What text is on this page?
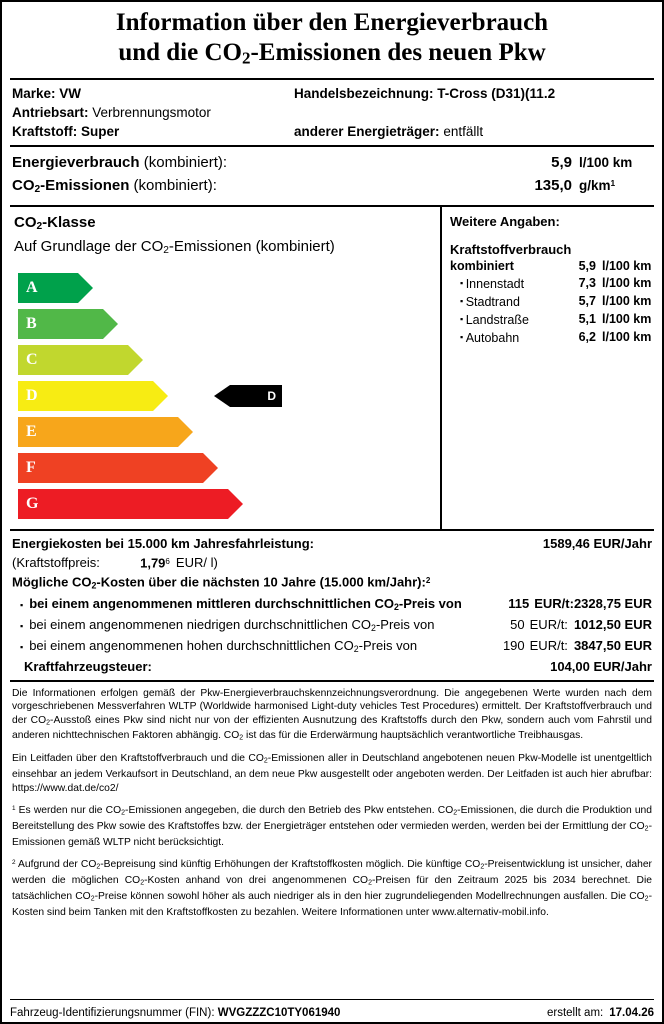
Information über den Energieverbrauch
und die $CO_2$-Emissionen des neuen Pkw
Marke: VW	Handelsbezeichnung: T-Cross (D31)(11.2
Antriebsart: Verbrennungsmotor
Kraftstoff: Super	anderer Energieträger: entfällt
Energieverbrauch (kombiniert):	5,9 l/100 km
$CO_2$-Emissionen (kombiniert):	135,0 $g/km^1$
$CO_2$-Klasse
Auf Grundlage der $CO_2$-Emissionen (kombiniert)
A
B
C
D
E
F
G
D
Weitere Angaben:
Kraftstoffverbrauch
kombiniert	5,9 l/100 km
▪ Innenstadt	7,3 l/100 km
▪ Stadtrand	5,7 l/100 km
▪ Landstraße	5,1 l/100 km
▪ Autobahn	6,2 l/100 km
Energiekosten bei 15.000 km Jahresfahrleistung:	1589,46 EUR/Jahr
(Kraftstoffpreis:	1,79$^6$ EUR/ l)
Mögliche $CO_2$-Kosten über die nächsten 10 Jahre (15.000 km/Jahr):$^2$
▪ bei einem angenommenen mittleren durchschnittlichen $CO_2$-Preis von	115 EUR/t: 2328,75 EUR
▪ bei einem angenommenen niedrigen durchschnittlichen $CO_2$-Preis von	50 EUR/t: 1012,50 EUR
▪ bei einem angenommenen hohen durchschnittlichen $CO_2$-Preis von	190 EUR/t: 3847,50 EUR
Kraftfahrzeugsteuer:	104,00 EUR/Jahr

Die Informationen erfolgen gemäß der Pkw-Energieverbrauchskennzeichnungsverordnung. Die angegebenen Werte wurden nach dem vorgeschriebenen Messverfahren WLTP (Worldwide harmonised Light-duty vehicles Test Procedures) ermittelt. Der Kraftstoffverbrauch und der $CO_2$-Ausstoß eines Pkw sind nicht nur von der effizienten Ausnutzung des Kraftstoffs durch den Pkw, sondern auch vom Fahrstil und anderen nichttechnischen Faktoren abhängig. $CO_2$ ist das für die Erderwärmung hauptsächlich verantwortliche Treibhausgas.

Ein Leitfaden über den Kraftstoffverbrauch und die $CO_2$-Emissionen aller in Deutschland angebotenen neuen Pkw-Modelle ist unentgeltlich einsehbar an jedem Verkaufsort in Deutschland, an dem neue Pkw ausgestellt oder angeboten werden. Der Leitfaden ist auch hier abrufbar: https://www.dat.de/co2/

$^1$ Es werden nur die $CO_2$-Emissionen angegeben, die durch den Betrieb des Pkw entstehen. $CO_2$-Emissionen, die durch die Produktion und Bereitstellung des Pkw sowie des Kraftstoffes bzw. der Energieträger entstehen oder vermieden werden, werden bei der Ermittlung der $CO_2$-Emissionen gemäß WLTP nicht berücksichtigt.

$^2$ Aufgrund der $CO_2$-Bepreisung sind künftig Erhöhungen der Kraftstoffkosten möglich. Die künftige $CO_2$-Preisentwicklung ist unsicher, daher werden die möglichen $CO_2$-Kosten anhand von drei angenommenen $CO_2$-Preisen für den Zeitraum 2025 bis 2034 berechnet. Die tatsächlichen $CO_2$-Preise können sowohl höher als auch niedriger als in den hier zugrundeliegenden Modellrechnungen ausfallen. Die $CO_2$-Kosten sind beim Tanken mit den Kraftstoffkosten zu bezahlen. Weitere Informationen unter www.alternativ-mobil.info.

Fahrzeug-Identifizierungsnummer (FIN): WVGZZZC10TY061940	erstellt am: 17.04.26
